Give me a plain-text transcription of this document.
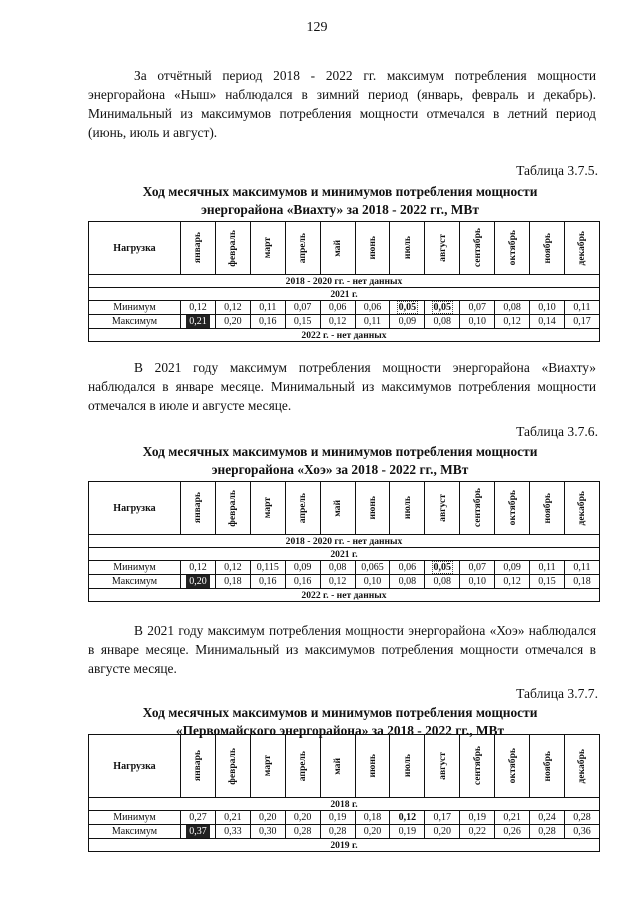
129

За отчётный период 2018 - 2022 гг. максимум потребления мощности энергорайона «Ныш» наблюдался в зимний период (январь, февраль и декабрь). Минимальный из максимумов потребления мощности отмечался в летний период (июнь, июль и август).

Таблица 3.7.5.
Ход месячных максимумов и минимумов потребления мощности
энергорайона «Виахту» за 2018 - 2022 гг., МВт
Нагрузка	январь	февраль	март	апрель	май	июнь	июль	август	сентябрь	октябрь	ноябрь	декабрь

2018 - 2020 гг. - нет данных												
2021 г.												
Минимум	0,12	0,12	0,11	0,07	0,06	0,06	0,05	0,05	0,07	0,08	0,10	0,11
Максимум	0,21	0,20	0,16	0,15	0,12	0,11	0,09	0,08	0,10	0,12	0,14	0,17
2022 г. - нет данных												

В 2021 году максимум потребления мощности энергорайона «Виахту» наблюдался в январе месяце. Минимальный из максимумов потребления мощности отмечался в июле и августе месяце.

Таблица 3.7.6.
Ход месячных максимумов и минимумов потребления мощности
энергорайона «Хоэ» за 2018 - 2022 гг., МВт
Нагрузка	январь	февраль	март	апрель	май	июнь	июль	август	сентябрь	октябрь	ноябрь	декабрь

2018 - 2020 гг. - нет данных												
2021 г.												
Минимум	0,12	0,12	0,115	0,09	0,08	0,065	0,06	0,05	0,07	0,09	0,11	0,11
Максимум	0,20	0,18	0,16	0,16	0,12	0,10	0,08	0,08	0,10	0,12	0,15	0,18
2022 г. - нет данных												

В 2021 году максимум потребления мощности энергорайона «Хоэ» наблюдался в январе месяце. Минимальный из максимумов потребления мощности отмечался в августе месяце.

Таблица 3.7.7.
Ход месячных максимумов и минимумов потребления мощности
«Первомайского энергорайона» за 2018 - 2022 гг., МВт
Нагрузка	январь	февраль	март	апрель	май	июнь	июль	август	сентябрь	октябрь	ноябрь	декабрь

2018 г.												
Минимум	0,27	0,21	0,20	0,20	0,19	0,18	0,12	0,17	0,19	0,21	0,24	0,28
Максимум	0,37	0,33	0,30	0,28	0,28	0,20	0,19	0,20	0,22	0,26	0,28	0,36
2019 г.												
